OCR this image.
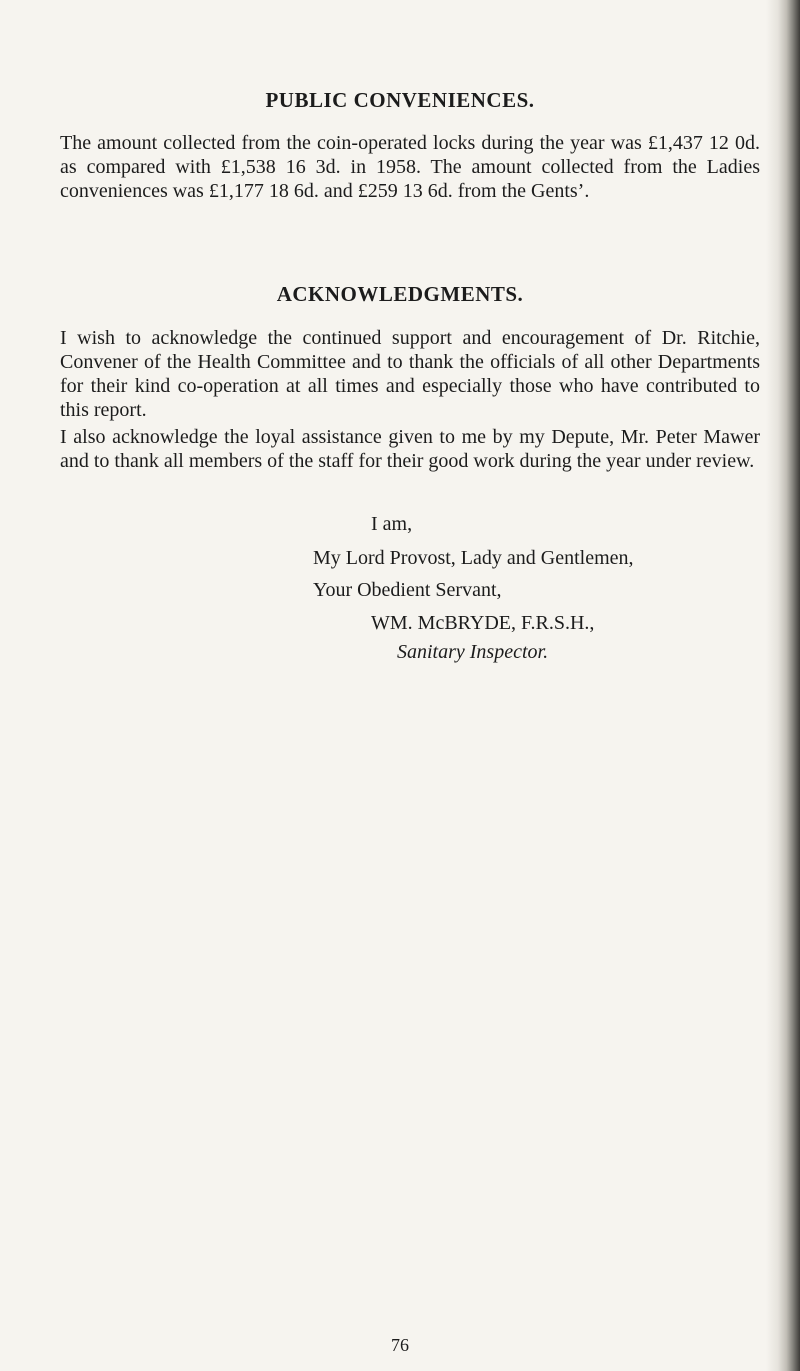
PUBLIC CONVENIENCES.

The amount collected from the coin-operated locks during the year was £1,437 12 0d. as compared with £1,538 16 3d. in 1958. The amount collected from the Ladies conveniences was £1,177 18 6d. and £259 13 6d. from the Gents’.

ACKNOWLEDGMENTS.

I wish to acknowledge the continued support and encouragement of Dr. Ritchie, Convener of the Health Committee and to thank the officials of all other Departments for their kind co-operation at all times and especially those who have contributed to this report.

I also acknowledge the loyal assistance given to me by my Depute, Mr. Peter Mawer and to thank all members of the staff for their good work during the year under review.

I am,

My Lord Provost, Lady and Gentlemen,

Your Obedient Servant,

WM. McBRYDE, F.R.S.H.,

Sanitary Inspector.

76
